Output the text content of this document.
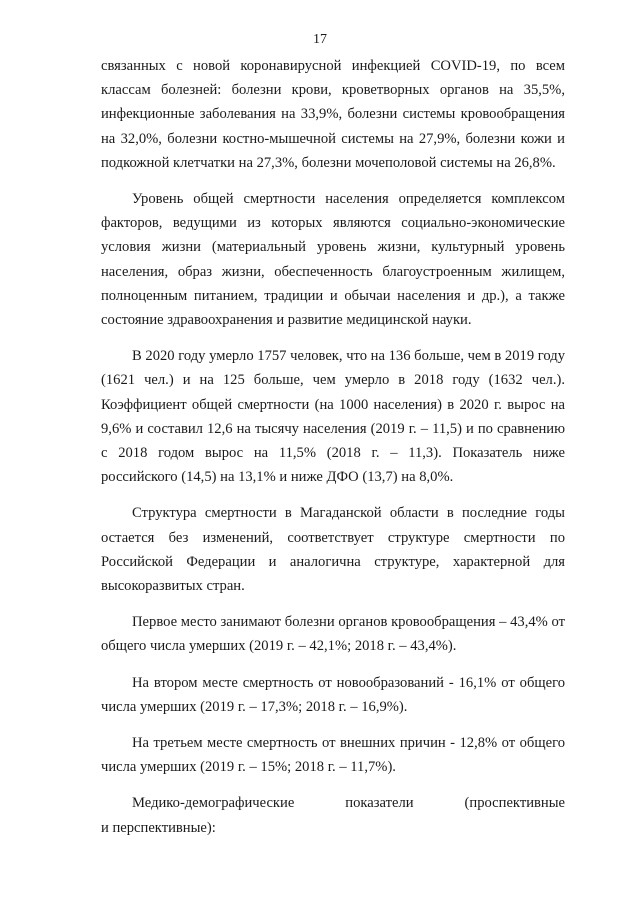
17

связанных с новой коронавирусной инфекцией COVID-19, по всем классам болезней: болезни крови, кроветворных органов на 35,5%, инфекционные заболевания на 33,9%, болезни системы кровообращения на 32,0%, болезни костно-мышечной системы на 27,9%, болезни кожи и подкожной клетчатки на 27,3%, болезни мочеполовой системы на 26,8%.

Уровень общей смертности населения определяется комплексом факторов, ведущими из которых являются социально-экономические условия жизни (материальный уровень жизни, культурный уровень населения, образ жизни, обеспеченность благоустроенным жилищем, полноценным питанием, традиции и обычаи населения и др.), а также состояние здравоохранения и развитие медицинской науки.

В 2020 году умерло 1757 человек, что на 136 больше, чем в 2019 году (1621 чел.) и на 125 больше, чем умерло в 2018 году (1632 чел.). Коэффициент общей смертности (на 1000 населения) в 2020 г. вырос на 9,6% и составил 12,6 на тысячу населения (2019 г. – 11,5) и по сравнению с 2018 годом вырос на 11,5% (2018 г. – 11,3). Показатель ниже российского (14,5) на 13,1% и ниже ДФО (13,7) на 8,0%.

Структура смертности в Магаданской области в последние годы остается без изменений, соответствует структуре смертности по Российской Федерации и аналогична структуре, характерной для высокоразвитых стран.

Первое место занимают болезни органов кровообращения – 43,4% от общего числа умерших (2019 г. – 42,1%; 2018 г. – 43,4%).

На втором месте смертность от новообразований - 16,1% от общего числа умерших (2019 г. – 17,3%; 2018 г. – 16,9%).

На третьем месте смертность от внешних причин - 12,8% от общего числа умерших (2019 г. – 15%; 2018 г. – 11,7%).

Медико-демографические показатели (проспективные

и перспективные):
